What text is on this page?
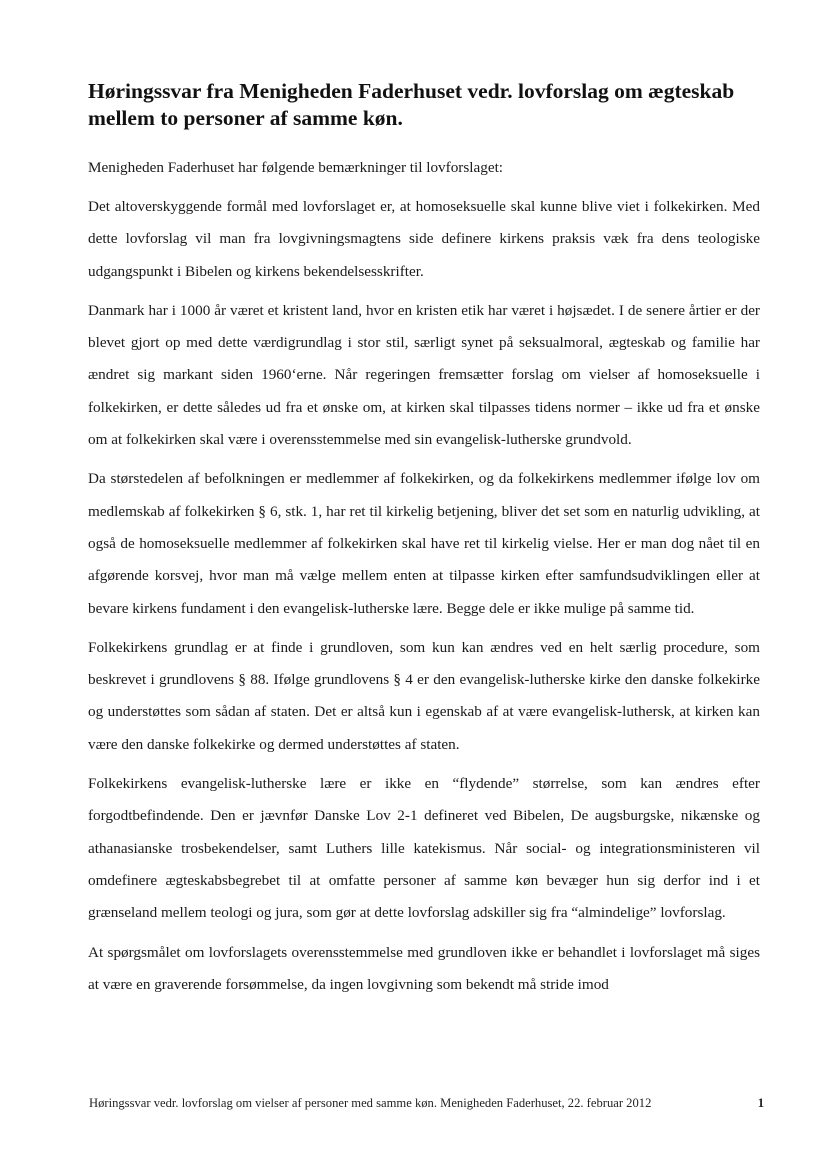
Høringssvar fra Menigheden Faderhuset vedr. lovforslag om ægteskab mellem to personer af samme køn.

Menigheden Faderhuset har følgende bemærkninger til lovforslaget:

Det altoverskyggende formål med lovforslaget er, at homoseksuelle skal kunne blive viet i folkekirken. Med dette lovforslag vil man fra lovgivningsmagtens side definere kirkens praksis væk fra dens teologiske udgangspunkt i Bibelen og kirkens bekendelsesskrifter.

Danmark har i 1000 år været et kristent land, hvor en kristen etik har været i højsædet. I de senere årtier er der blevet gjort op med dette værdigrundlag i stor stil, særligt synet på seksualmoral, ægteskab og familie har ændret sig markant siden 1960‘erne. Når regeringen fremsætter forslag om vielser af homoseksuelle i folkekirken, er dette således ud fra et ønske om, at kirken skal tilpasses tidens normer – ikke ud fra et ønske om at folkekirken skal være i overensstemmelse med sin evangelisk-lutherske grundvold.

Da størstedelen af befolkningen er medlemmer af folkekirken, og da folkekirkens medlemmer ifølge lov om medlemskab af folkekirken § 6, stk. 1, har ret til kirkelig betjening, bliver det set som en naturlig udvikling, at også de homoseksuelle medlemmer af folkekirken skal have ret til kirkelig vielse. Her er man dog nået til en afgørende korsvej, hvor man må vælge mellem enten at tilpasse kirken efter samfundsudviklingen eller at bevare kirkens fundament i den evangelisk-lutherske lære. Begge dele er ikke mulige på samme tid.

Folkekirkens grundlag er at finde i grundloven, som kun kan ændres ved en helt særlig procedure, som beskrevet i grundlovens § 88. Ifølge grundlovens § 4 er den evangelisk-lutherske kirke den danske folkekirke og understøttes som sådan af staten. Det er altså kun i egenskab af at være evangelisk-luthersk, at kirken kan være den danske folkekirke og dermed understøttes af staten.

Folkekirkens evangelisk-lutherske lære er ikke en “flydende” størrelse, som kan ændres efter forgodtbefindende. Den er jævnfør Danske Lov 2-1 defineret ved Bibelen, De augsburgske, nikænske og athanasianske trosbekendelser, samt Luthers lille katekismus. Når social- og integrationsministeren vil omdefinere ægteskabsbegrebet til at omfatte personer af samme køn bevæger hun sig derfor ind i et grænseland mellem teologi og jura, som gør at dette lovforslag adskiller sig fra “almindelige” lovforslag.

At spørgsmålet om lovforslagets overensstemmelse med grundloven ikke er behandlet i lovforslaget må siges at være en graverende forsømmelse, da ingen lovgivning som bekendt må stride imod

Høringssvar vedr. lovforslag om vielser af personer med samme køn. Menigheden Faderhuset, 22. februar 2012	1
